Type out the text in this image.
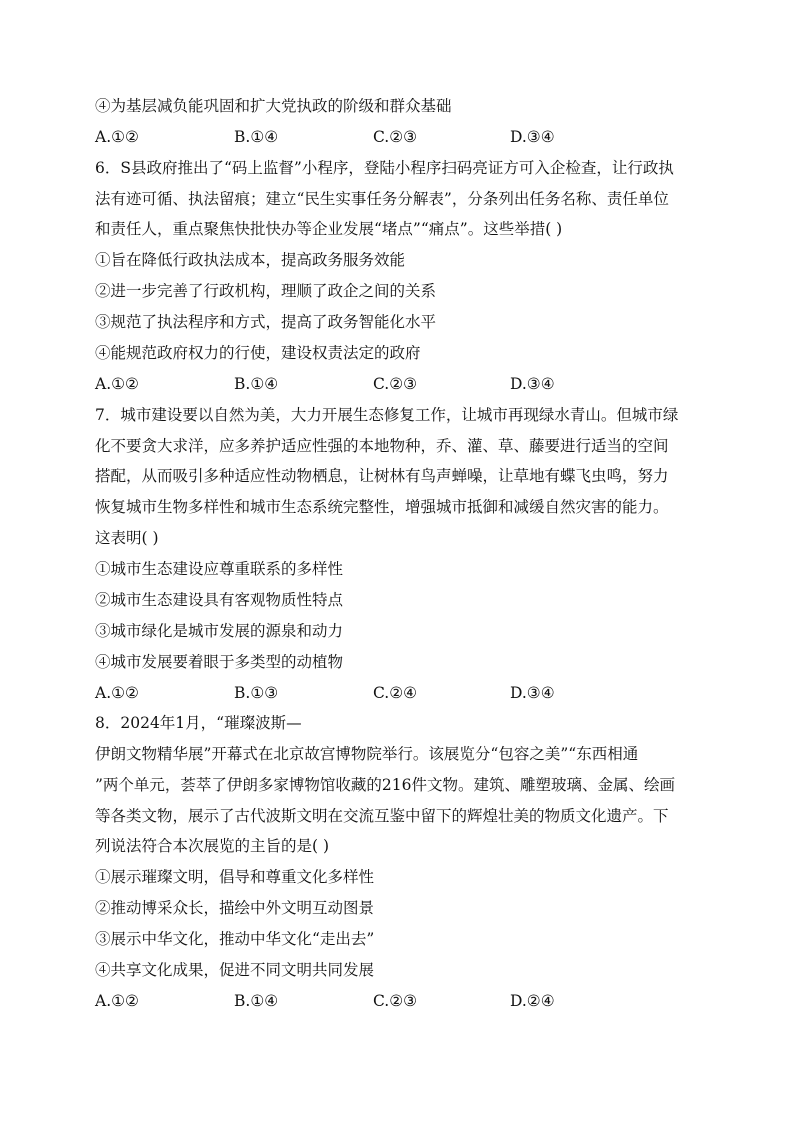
④为基层减负能巩固和扩大党执政的阶级和群众基础
A.①②	B.①④	C.②③	D.③④
6．S县政府推出了“码上监督”小程序，登陆小程序扫码亮证方可入企检查，让行政执
法有迹可循、执法留痕；建立“民生实事任务分解表”，分条列出任务名称、责任单位
和责任人，重点聚焦快批快办等企业发展“堵点”“痛点”。这些举措( )
①旨在降低行政执法成本，提高政务服务效能
②进一步完善了行政机构，理顺了政企之间的关系
③规范了执法程序和方式，提高了政务智能化水平
④能规范政府权力的行使，建设权责法定的政府
A.①②	B.①④	C.②③	D.③④
7．城市建设要以自然为美，大力开展生态修复工作，让城市再现绿水青山。但城市绿
化不要贪大求洋，应多养护适应性强的本地物种，乔、灌、草、藤要进行适当的空间
搭配，从而吸引多种适应性动物栖息，让树林有鸟声蝉噪，让草地有蝶飞虫鸣，努力
恢复城市生物多样性和城市生态系统完整性，增强城市抵御和减缓自然灾害的能力。
这表明( )
①城市生态建设应尊重联系的多样性
②城市生态建设具有客观物质性特点
③城市绿化是城市发展的源泉和动力
④城市发展要着眼于多类型的动植物
A.①②	B.①③	C.②④	D.③④
8．2024年1月，“璀璨波斯—
伊朗文物精华展”开幕式在北京故宫博物院举行。该展览分“包容之美”“东西相通
”两个单元，荟萃了伊朗多家博物馆收藏的216件文物。建筑、雕塑玻璃、金属、绘画
等各类文物，展示了古代波斯文明在交流互鉴中留下的辉煌壮美的物质文化遗产。下
列说法符合本次展览的主旨的是( )
①展示璀璨文明，倡导和尊重文化多样性
②推动博采众长，描绘中外文明互动图景
③展示中华文化，推动中华文化“走出去”
④共享文化成果，促进不同文明共同发展
A.①②	B.①④	C.②③	D.②④
